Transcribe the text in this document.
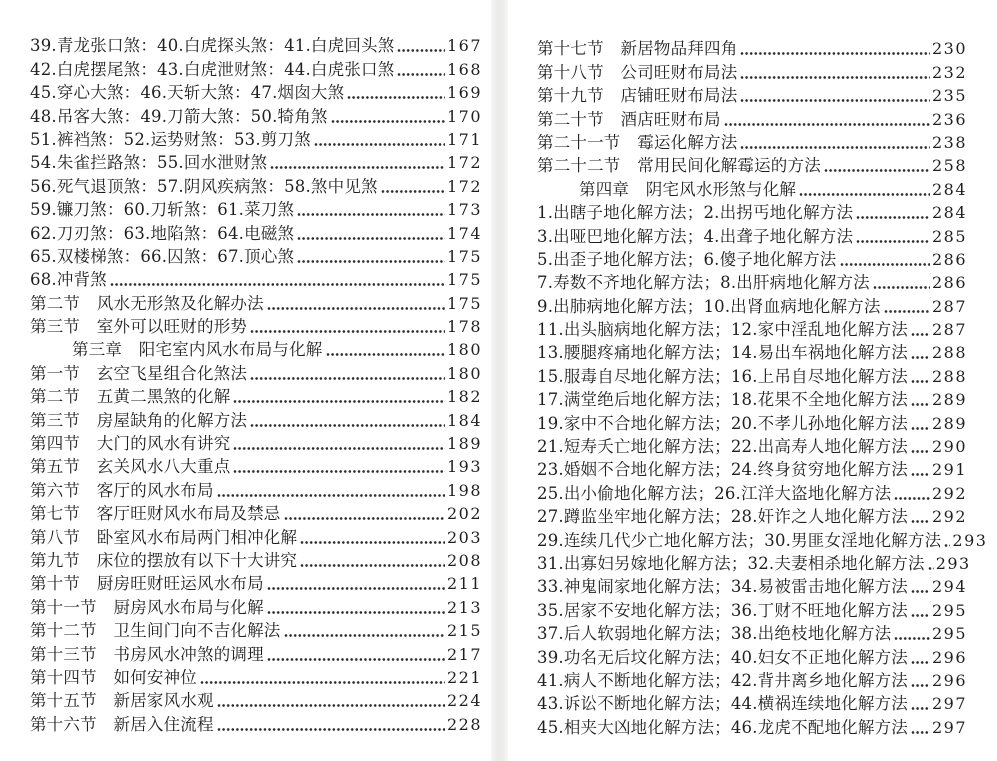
39.青龙张口煞：40.白虎探头煞：41.白虎回头煞	167
42.白虎摆尾煞：43.白虎泄财煞：44.白虎张口煞	168
45.穿心大煞：46.天斩大煞：47.烟囱大煞	169
48.吊客大煞：49.刀箭大煞：50.犄角煞	170
51.裤裆煞：52.运势财煞：53.剪刀煞	171
54.朱雀拦路煞：55.回水泄财煞	172
56.死气退顶煞：57.阴风疾病煞：58.煞中见煞	172
59.镰刀煞：60.刀斩煞：61.菜刀煞	173
62.刀刃煞：63.地陷煞：64.电磁煞	174
65.双楼梯煞：66.囚煞：67.顶心煞	175
68.冲背煞	175
第二节　风水无形煞及化解办法	175
第三节　室外可以旺财的形势	178
第三章　阳宅室内风水布局与化解	180
第一节　玄空飞星组合化煞法	180
第二节　五黄二黑煞的化解	182
第三节　房屋缺角的化解方法	184
第四节　大门的风水有讲究	189
第五节　玄关风水八大重点	193
第六节　客厅的风水布局	198
第七节　客厅旺财风水布局及禁忌	202
第八节　卧室风水布局两门相冲化解	203
第九节　床位的摆放有以下十大讲究	208
第十节　厨房旺财旺运风水布局	211
第十一节　厨房风水布局与化解	213
第十二节　卫生间门向不吉化解法	215
第十三节　书房风水冲煞的调理	217
第十四节　如何安神位	221
第十五节　新居家风水观	224
第十六节　新居入住流程	228
第十七节　新居物品拜四角	230
第十八节　公司旺财布局法	232
第十九节　店铺旺财布局法	235
第二十节　酒店旺财布局	236
第二十一节　霉运化解方法	238
第二十二节　常用民间化解霉运的方法	258
第四章　阴宅风水形煞与化解	284
1.出瞎子地化解方法；2.出拐丐地化解方法	284
3.出哑巴地化解方法；4.出聋子地化解方法	285
5.出歪子地化解方法；6.傻子地化解方法	286
7.寿数不齐地化解方法；8.出肝病地化解方法	286
9.出肺病地化解方法；10.出肾血病地化解方法	287
11.出头脑病地化解方法；12.家中淫乱地化解方法 287
13.腰腿疼痛地化解方法；14.易出车祸地化解方法 288
15.服毒自尽地化解方法；16.上吊自尽地化解方法 288
17.满堂绝后地化解方法；18.花果不全地化解方法 289
19.家中不合地化解方法；20.不孝儿孙地化解方法 289
21.短寿夭亡地化解方法；22.出高寿人地化解方法 290
23.婚姻不合地化解方法；24.终身贫穷地化解方法 291
25.出小偷地化解方法；26.江洋大盗地化解方法	292
27.蹲监坐牢地化解方法；28.奸诈之人地化解方法 292
29.连续几代少亡地化解方法；30.男匪女淫地化解方法 293
31.出寡妇另嫁地化解方法；32.夫妻相杀地化解方法 293
33.神鬼闹家地化解方法；34.易被雷击地化解方法 294
35.居家不安地化解方法；36.丁财不旺地化解方法 295
37.后人软弱地化解方法；38.出绝枝地化解方法	295
39.功名无后坟化解方法；40.妇女不正地化解方法 296
41.病人不断地化解方法；42.背井离乡地化解方法 296
43.诉讼不断地化解方法；44.横祸连续地化解方法 297
45.相夹大凶地化解方法；46.龙虎不配地化解方法 297
